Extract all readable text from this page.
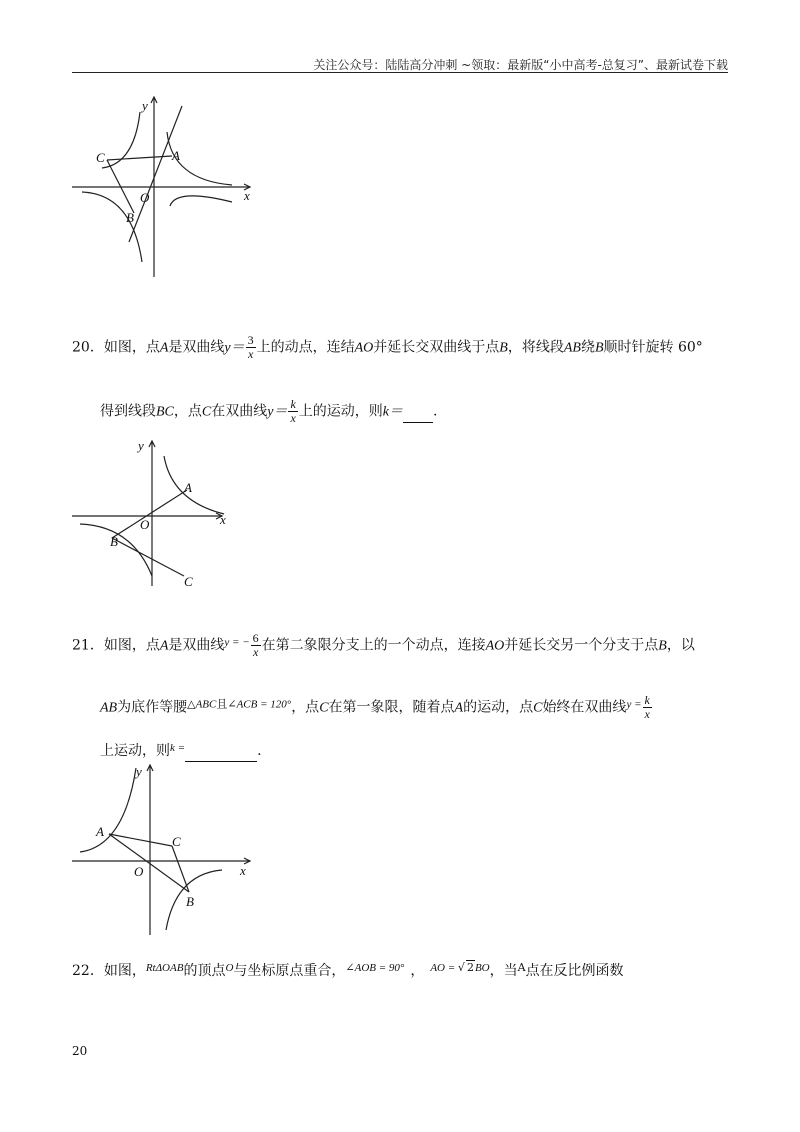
关注公众号：陆陆高分冲刺 ~领取：最新版“小中高考-总复习”、最新试卷下载
y
x
O
A
B
C
20．如图，点A是双曲线$y= \frac{3}{x}$ 上的动点，连结AO并延长交双曲线于点B，将线段AB绕B顺时针旋转 60°
得到线段BC，点C在双曲线$y= \frac{k}{x}$ 上的运动，则k＝ .
y
x
O
A
B
C
21．如图，点A是双曲线$^{y = -} \frac{6}{x}$ 在第二象限分支上的一个动点，连接AO并延长交另一个分支于点B，以
AB为底作等腰$^{\triangle ABC且\angle ACB = 120^\circ}$，点C在第一象限，随着点A的运动，点C始终在双曲线$^{y =} \frac{k}{x}$
上运动，则$^{k =}$	.
y
x
O
A
B
C
22．如图，$^{Rt\Delta OAB}$的顶点$^O$与坐标原点重合，$^{\angle AOB = 90^\circ}$ ， $^{AO =}$ $^{√ 2BO}$，当$^A$点在反比例函数
20
